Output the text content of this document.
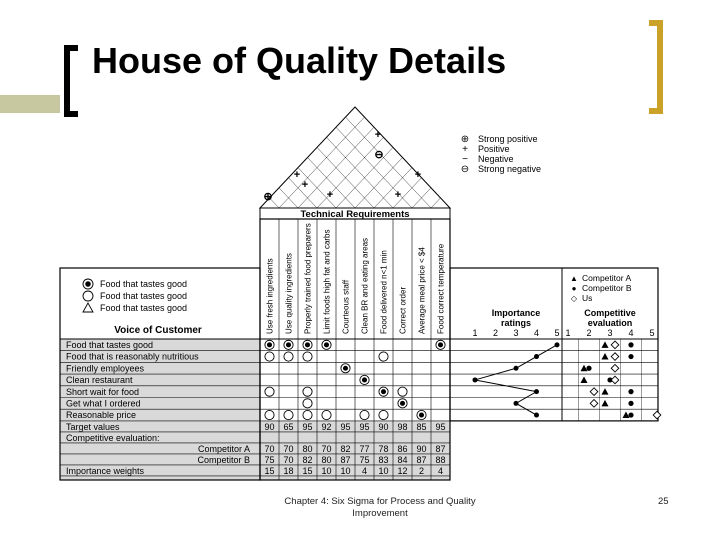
House of Quality Details
⊕
+
+
+
⊖
+
+
+
⊕ Strong positive
+ Positive
− Negative
⊖ Strong negative
Technical Requirements
Use fresh ingredients Use quality ingredients Properly trained food preparers Limit foods high fat and carbs Courteous staff Clean BR and eating areas Food delivered n<1 min Correct order Average meal price < $4 Food correct temperature
Food that tastes good
Food that tastes good
Food that tastes good
Voice of Customer
Food that tastes good
Food that is reasonably nutritious
Friendly employees
Clean restaurant
Short wait for food
Get what I ordered
Reasonable price
Target values	90 65 95 92 95 95 90 98 85 95
Competitive evaluation:
Competitor A 70 70 80 70 82 77 78 86 90 87
Competitor B 75 70 82 80 87 75 83 84 87 88
Importance weights	15 18 15 10 10 4 10 12 2 4
Importance
ratings
1 2 3 4 5
▲ Competitor A
● Competitor B
◇ Us
Competitive
evaluation
1 2 3 4 5
Chapter 4: Six Sigma for Process and Quality Improvement
25
